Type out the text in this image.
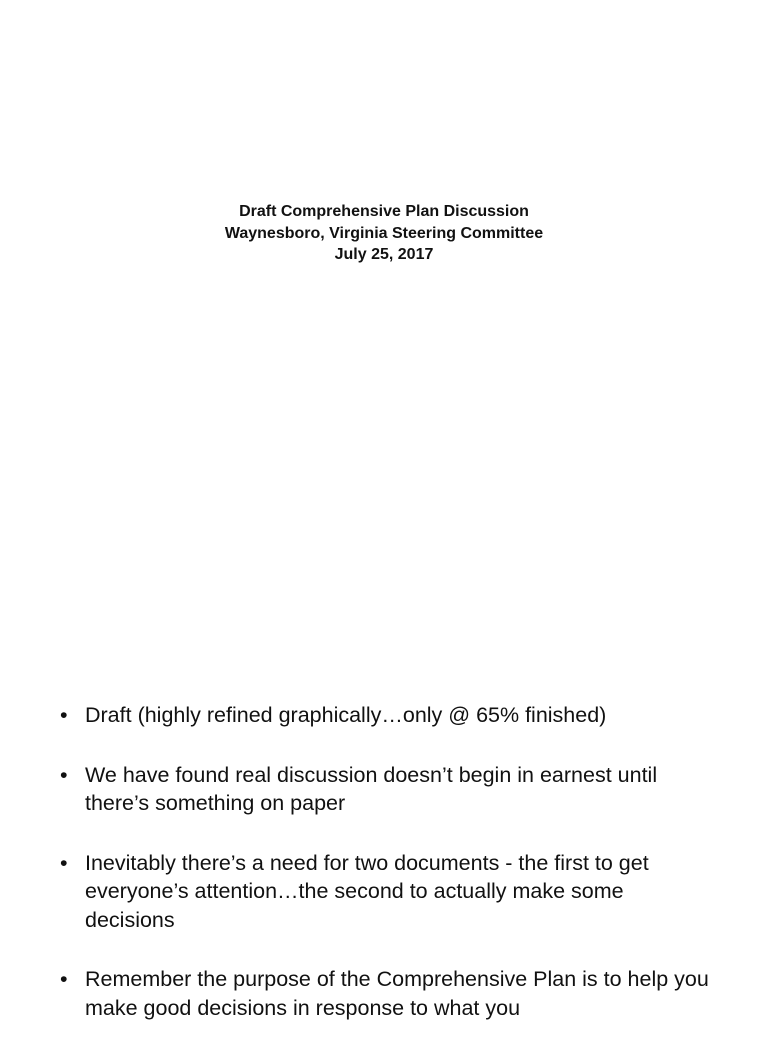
Draft Comprehensive Plan Discussion
Waynesboro, Virginia Steering Committee
July 25, 2017
• Draft (highly refined graphically…only @ 65% finished)
• We have found real discussion doesn’t begin in earnest until there’s something on paper
• Inevitably there’s a need for two documents - the first to get everyone’s attention…the second to actually make some decisions
• Remember the purpose of the Comprehensive Plan is to help you make good decisions in response to what you
